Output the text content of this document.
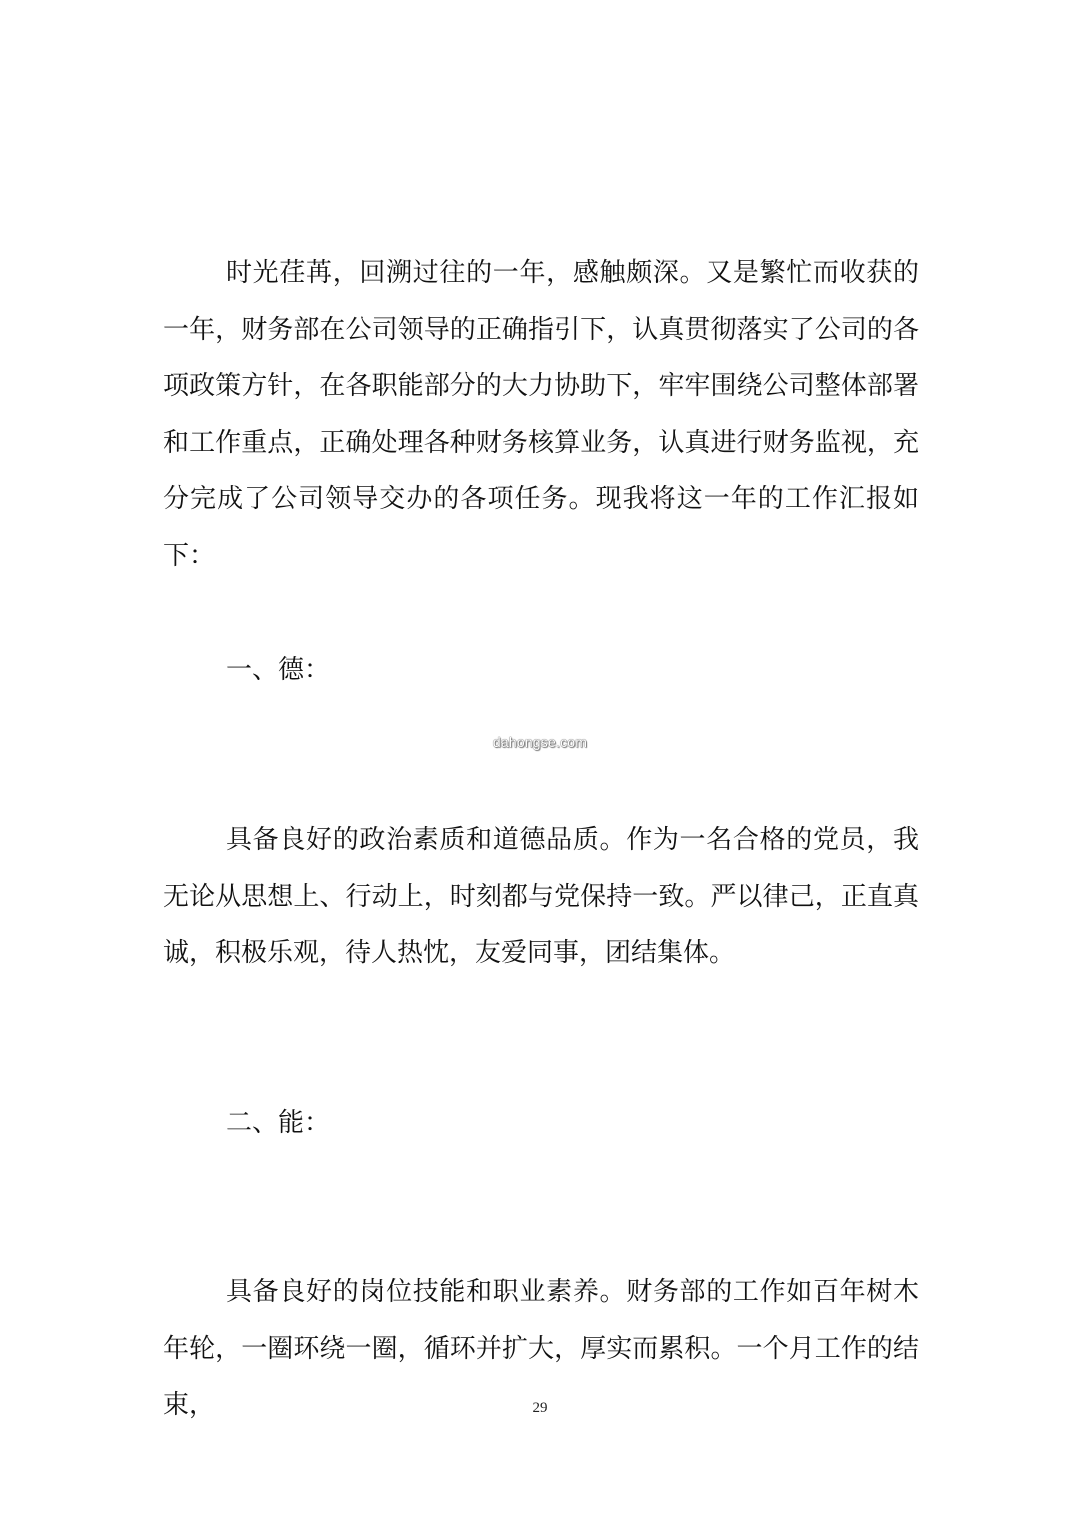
时光荏苒，回溯过往的一年，感触颇深。又是繁忙而收获的一年，财务部在公司领导的正确指引下，认真贯彻落实了公司的各项政策方针，在各职能部分的大力协助下，牢牢围绕公司整体部署和工作重点，正确处理各种财务核算业务，认真进行财务监视，充分完成了公司领导交办的各项任务。现我将这一年的工作汇报如下：

一、德：

dahongse.com

具备良好的政治素质和道德品质。作为一名合格的党员，我无论从思想上、行动上，时刻都与党保持一致。严以律己，正直真诚，积极乐观，待人热忱，友爱同事，团结集体。

二、能：

具备良好的岗位技能和职业素养。财务部的工作如百年树木年轮，一圈环绕一圈，循环并扩大，厚实而累积。一个月工作的结束，	29
